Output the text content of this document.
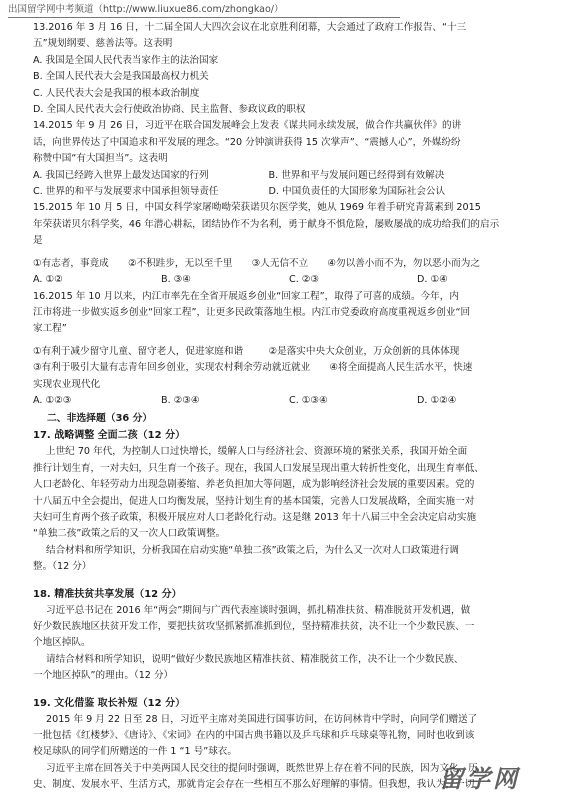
出国留学网中考频道（http://www.liuxue86.com/zhongkao/）

13.2016 年 3 月 16 日，十二届全国人大四次会议在北京胜利闭幕，大会通过了政府工作报告、“十三

五”规划纲要、慈善法等。这表明

A. 我国是全国人民代表当家作主的法治国家

B. 全国人民代表大会是我国最高权力机关

C. 人民代表大会是我国的根本政治制度

D. 全国人民代表大会行使政治协商、民主监督、参政议政的职权

14.2015 年 9 月 26 日，习近平在联合国发展峰会上发表《谋共同永续发展，做合作共赢伙伴》的讲

话，向世界传达了中国追求和平发展的理念。“20 分钟演讲获得 15 次掌声”、“震撼人心”，外媒纷纷

称赞中国“有大国担当”。这表明

A. 我国已经跨入世界上最发达国家的行列	B. 世界和平与发展问题已经得到有效解决
C. 世界的和平与发展要求中国承担领导责任	D. 中国负责任的大国形象为国际社会公认

15.2015 年 10 月 5 日，中国女科学家屠呦呦荣获诺贝尔医学奖，她从 1969 年着手研究青蒿素到 2015

年荣获诺贝尔科学奖，46 年潜心耕耘，团结协作不为名利，勇于献身不惧危险，屡败屡战的成功给我们的启示

是

①有志者，事竟成　　②不积跬步，无以至千里　　③人无信不立　　④勿以善小而不为，勿以恶小而为之

A. ①②	B. ③④	C. ②③	D. ①④

16.2015 年 10 月以来，内江市率先在全省开展返乡创业“回家工程”，取得了可喜的成绩。今年，内

江市将进一步做实返乡创业“回家工程”，让更多民政策落地生根。内江市党委政府高度重视返乡创业“回

家工程”

①有利于减少留守儿童、留守老人，促进家庭和谐	②是落实中央大众创业，万众创新的具体体现
③有利于吸引大量有志青年回乡创业，实现农村剩余劳动就近就业　　 ④将全面提高人民生活水平，快速

实现农业现代化

A. ①②③	B. ②③④	C. ①③④	D. ①②④

二、非选择题（36 分）

17. 战略调整 全面二孩（12 分）

上世纪 70 年代，为控制人口过快增长，缓解人口与经济社会、资源环境的紧张关系，我国开始全面

推行计划生育，一对夫妇，只生育一个孩子。现在，我国人口发展呈现出重大转折性变化，出现生育率低、

人口老龄化、年轻劳动力出现急剧萎缩、养老负担加大等问题，成为影响经济社会发展的重要因素。党的

十八届五中全会提出，促进人口均衡发展，坚持计划生育的基本国策，完善人口发展战略，全面实施一对

夫妇可生育两个孩子政策，积极开展应对人口老龄化行动。这是继 2013 年十八届三中全会决定启动实施

“单独二孩”政策之后的又一次人口政策调整。

结合材料和所学知识，分析我国在启动实施“单独二孩”政策之后，为什么又一次对人口政策进行调

整。（12 分）

18. 精准扶贫共享发展（12 分）

习近平总书记在 2016 年“两会”期间与广西代表座谈时强调，抓扎精准扶贫、精准脱贫开发机遇，做

好少数民族地区扶贫开发工作，要把扶贫攻坚抓紧抓准抓到位，坚持精准扶贫，决不让一个少数民族、一

个地区掉队。

请结合材料和所学知识，说明“做好少数民族地区精准扶贫、精准脱贫工作，决不让一个少数民族、

一个地区掉队”的理由。（12 分）

19. 文化借鉴 取长补短（12 分）

2015 年 9 月 22 日至 28 日，习近平主席对美国进行国事访问，在访问林肯中学时，向同学们赠送了

一批包括《红楼梦》、《唐诗》、《宋词》在内的中国古典书籍以及乒乓球和乒乓球桌等礼物，同时也收到该

校足球队的同学们所赠送的一件 1 “1 号”球衣。

习近平主席在回答关于中美两国人民交往的提问时强调，既然世界上存在着不同的民族，因为文化、历

史、制度、发展水平、生活方式，那就肯定会存在一些相互不那么好理解的事情。但我想，我认为，一切

留学网
